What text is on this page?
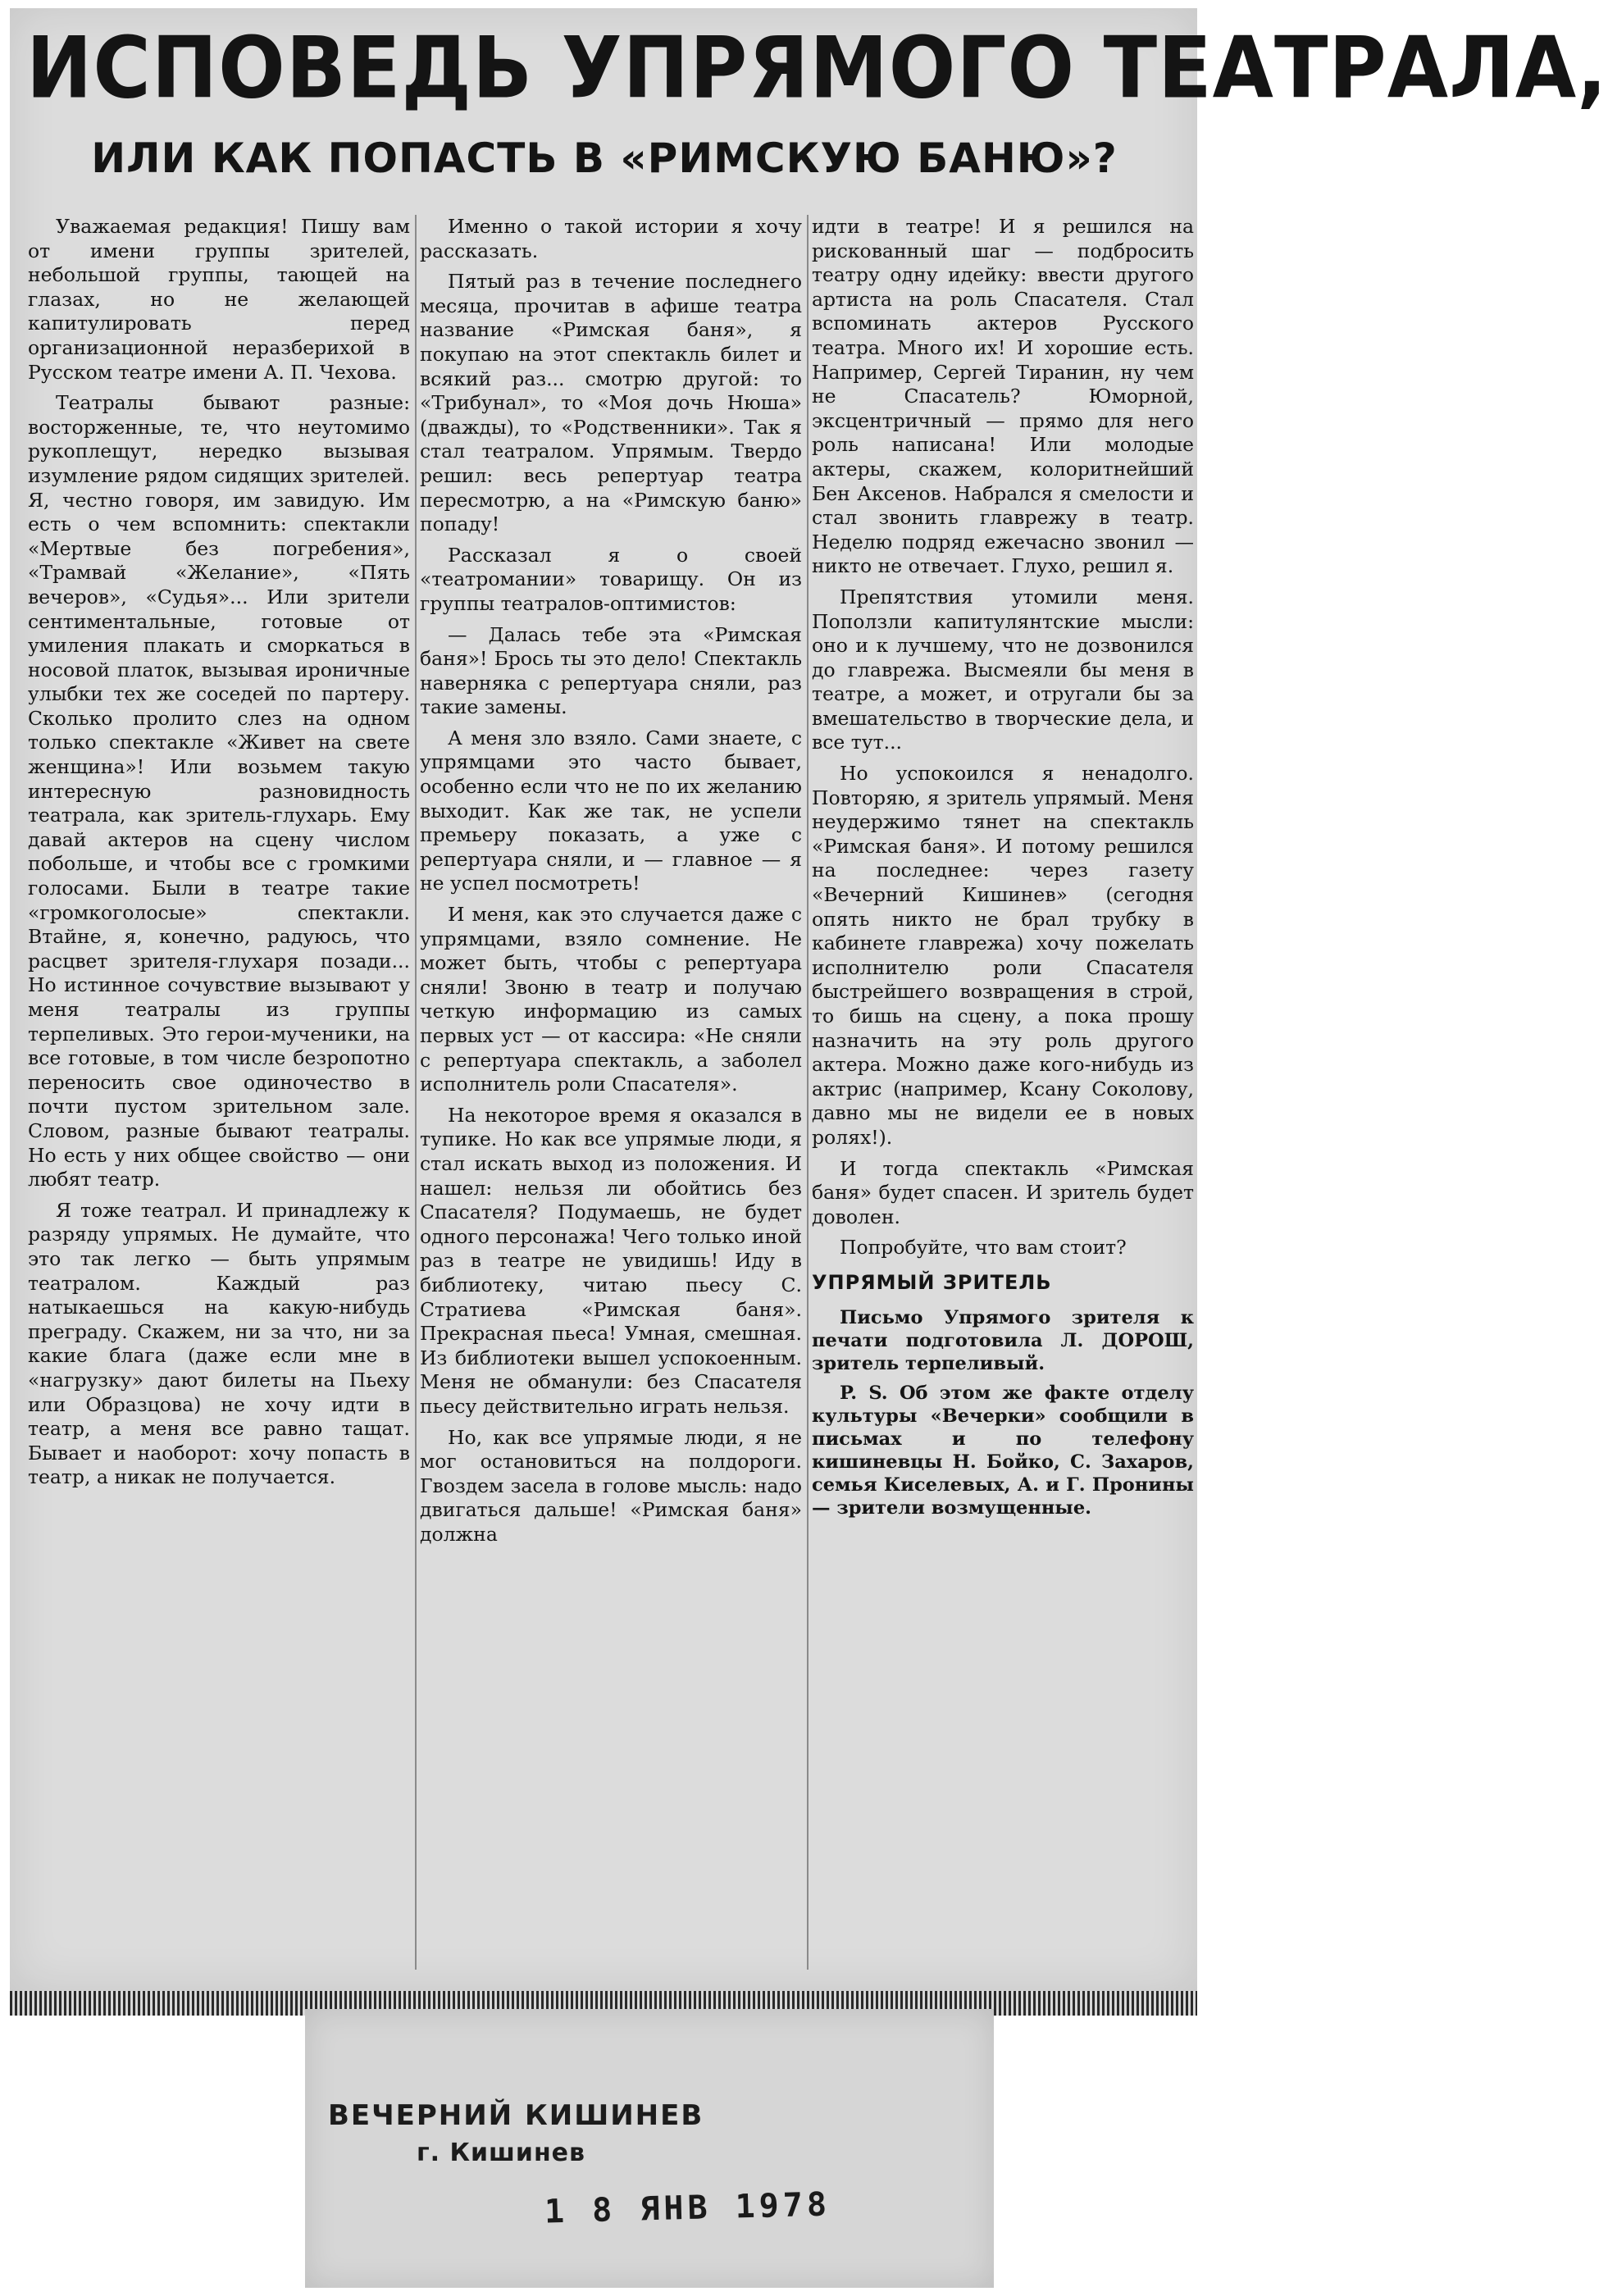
ИСПОВЕДЬ УПРЯМОГО ТЕАТРАЛА,
ИЛИ КАК ПОПАСТЬ В «РИМСКУЮ БАНЮ»?

Уважаемая редакция! Пишу вам от имени группы зрителей, небольшой группы, тающей на глазах, но не желающей капитулировать перед организационной неразберихой в Русском театре имени А. П. Чехова.

Театралы бывают разные: восторженные, те, что неутомимо рукоплещут, нередко вызывая изумление рядом сидящих зрителей. Я, честно говоря, им завидую. Им есть о чем вспомнить: спектакли «Мертвые без погребения», «Трамвай «Желание», «Пять вечеров», «Судья»... Или зрители сентиментальные, готовые от умиления плакать и сморкаться в носовой платок, вызывая ироничные улыбки тех же соседей по партеру. Сколько пролито слез на одном только спектакле «Живет на свете женщина»! Или возьмем такую интересную разновидность театрала, как зритель-глухарь. Ему давай актеров на сцену числом побольше, и чтобы все с громкими голосами. Были в театре такие «громкоголосые» спектакли. Втайне, я, конечно, радуюсь, что расцвет зрителя-глухаря позади... Но истинное сочувствие вызывают у меня театралы из группы терпеливых. Это герои-мученики, на все готовые, в том числе безропотно переносить свое одиночество в почти пустом зрительном зале. Словом, разные бывают театралы. Но есть у них общее свойство — они любят театр.

Я тоже театрал. И принадлежу к разряду упрямых. Не думайте, что это так легко — быть упрямым театралом. Каждый раз натыкаешься на какую-нибудь преграду. Скажем, ни за что, ни за какие блага (даже если мне в «нагрузку» дают билеты на Пьеху или Образцова) не хочу идти в театр, а меня все равно тащат. Бывает и наоборот: хочу попасть в театр, а никак не получается.

Именно о такой истории я хочу рассказать.

Пятый раз в течение последнего месяца, прочитав в афише театра название «Римская баня», я покупаю на этот спектакль билет и всякий раз... смотрю другой: то «Трибунал», то «Моя дочь Нюша» (дважды), то «Родственники». Так я стал театралом. Упрямым. Твердо решил: весь репертуар театра пересмотрю, а на «Римскую баню» попаду!

Рассказал я о своей «театромании» товарищу. Он из группы театралов-оптимистов:

— Далась тебе эта «Римская баня»! Брось ты это дело! Спектакль наверняка с репертуара сняли, раз такие замены.

А меня зло взяло. Сами знаете, с упрямцами это часто бывает, особенно если что не по их желанию выходит. Как же так, не успели премьеру показать, а уже с репертуара сняли, и — главное — я не успел посмотреть!

И меня, как это случается даже с упрямцами, взяло сомнение. Не может быть, чтобы с репертуара сняли! Звоню в театр и получаю четкую информацию из самых первых уст — от кассира: «Не сняли с репертуара спектакль, а заболел исполнитель роли Спасателя».

На некоторое время я оказался в тупике. Но как все упрямые люди, я стал искать выход из положения. И нашел: нельзя ли обойтись без Спасателя? Подумаешь, не будет одного персонажа! Чего только иной раз в театре не увидишь! Иду в библиотеку, читаю пьесу С. Стратиева «Римская баня». Прекрасная пьеса! Умная, смешная. Из библиотеки вышел успокоенным. Меня не обманули: без Спасателя пьесу действительно играть нельзя.

Но, как все упрямые люди, я не мог остановиться на полдороги. Гвоздем засела в голове мысль: надо двигаться дальше! «Римская баня» должна

идти в театре! И я решился на рискованный шаг — подбросить театру одну идейку: ввести другого артиста на роль Спасателя. Стал вспоминать актеров Русского театра. Много их! И хорошие есть. Например, Сергей Тиранин, ну чем не Спасатель? Юморной, эксцентричный — прямо для него роль написана! Или молодые актеры, скажем, колоритнейший Бен Аксенов. Набрался я смелости и стал звонить главрежу в театр. Неделю подряд ежечасно звонил — никто не отвечает. Глухо, решил я.

Препятствия утомили меня. Поползли капитулянтские мысли: оно и к лучшему, что не дозвонился до главрежа. Высмеяли бы меня в театре, а может, и отругали бы за вмешательство в творческие дела, и все тут...

Но успокоился я ненадолго. Повторяю, я зритель упрямый. Меня неудержимо тянет на спектакль «Римская баня». И потому решился на последнее: через газету «Вечерний Кишинев» (сегодня опять никто не брал трубку в кабинете главрежа) хочу пожелать исполнителю роли Спасателя быстрейшего возвращения в строй, то бишь на сцену, а пока прошу назначить на эту роль другого актера. Можно даже кого-нибудь из актрис (например, Ксану Соколову, давно мы не видели ее в новых ролях!).

И тогда спектакль «Римская баня» будет спасен. И зритель будет доволен.

Попробуйте, что вам стоит?

УПРЯМЫЙ ЗРИТЕЛЬ

Письмо Упрямого зрителя к печати подготовила Л. ДОРОШ, зритель терпеливый.

P. S. Об этом же факте отделу культуры «Вечерки» сообщили в письмах и по телефону кишиневцы Н. Бойко, С. Захаров, семья Киселевых, А. и Г. Пронины — зрители возмущенные.

ВЕЧЕРНИЙ КИШИНЕВ
г. Кишинев
1 8 ЯНВ 1978
